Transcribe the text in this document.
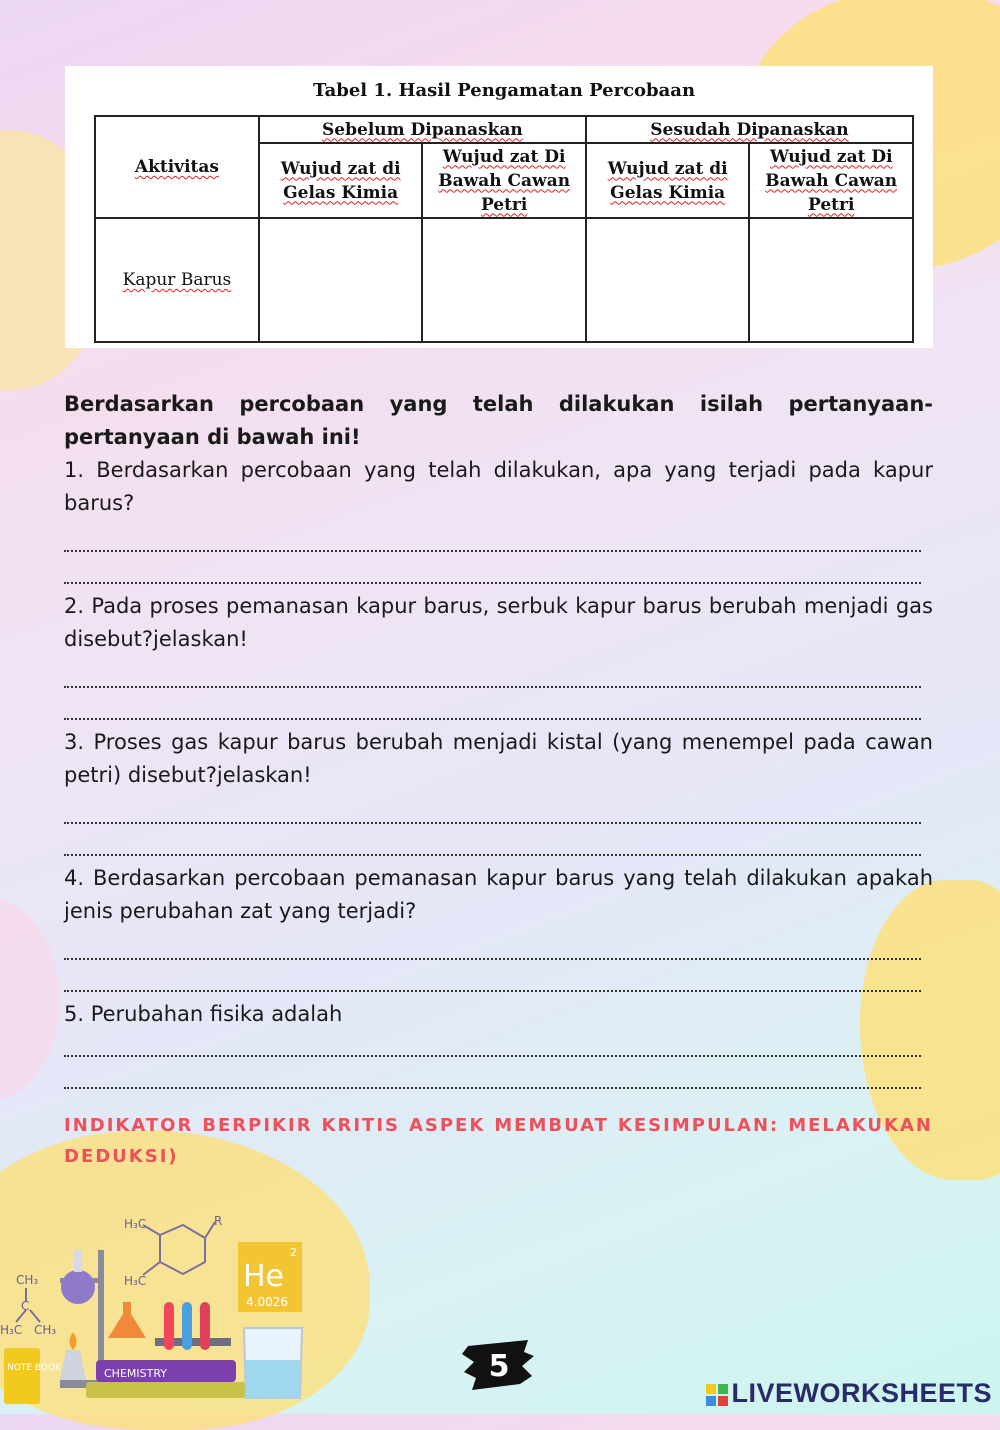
Tabel 1. Hasil Pengamatan Percobaan
Aktivitas	Sebelum Dipanaskan		Sesudah Dipanaskan	
	Wujud zat di Gelas Kimia	Wujud zat Di Bawah Cawan Petri	Wujud zat di Gelas Kimia	Wujud zat Di Bawah Cawan Petri
Kapur Barus				

Berdasarkan percobaan yang telah dilakukan isilah pertanyaan-pertanyaan di bawah ini!

1. Berdasarkan percobaan yang telah dilakukan, apa yang terjadi pada kapur barus?

2. Pada proses pemanasan kapur barus, serbuk kapur barus berubah menjadi gas disebut?jelaskan!

3. Proses gas kapur barus berubah menjadi kistal (yang menempel pada cawan petri) disebut?jelaskan!

4. Berdasarkan percobaan pemanasan kapur barus yang telah dilakukan apakah jenis perubahan zat yang terjadi?

5. Perubahan fisika adalah

INDIKATOR BERPIKIR KRITIS ASPEK MEMBUAT KESIMPULAN: MELAKUKAN DEDUKSI)
H₃C	R
H₃C
CH₃
C
H₃C CH₃
CHEMISTRY
NOTE BOOK
He
2
4.0026
5
LIVEWORKSHEETS
